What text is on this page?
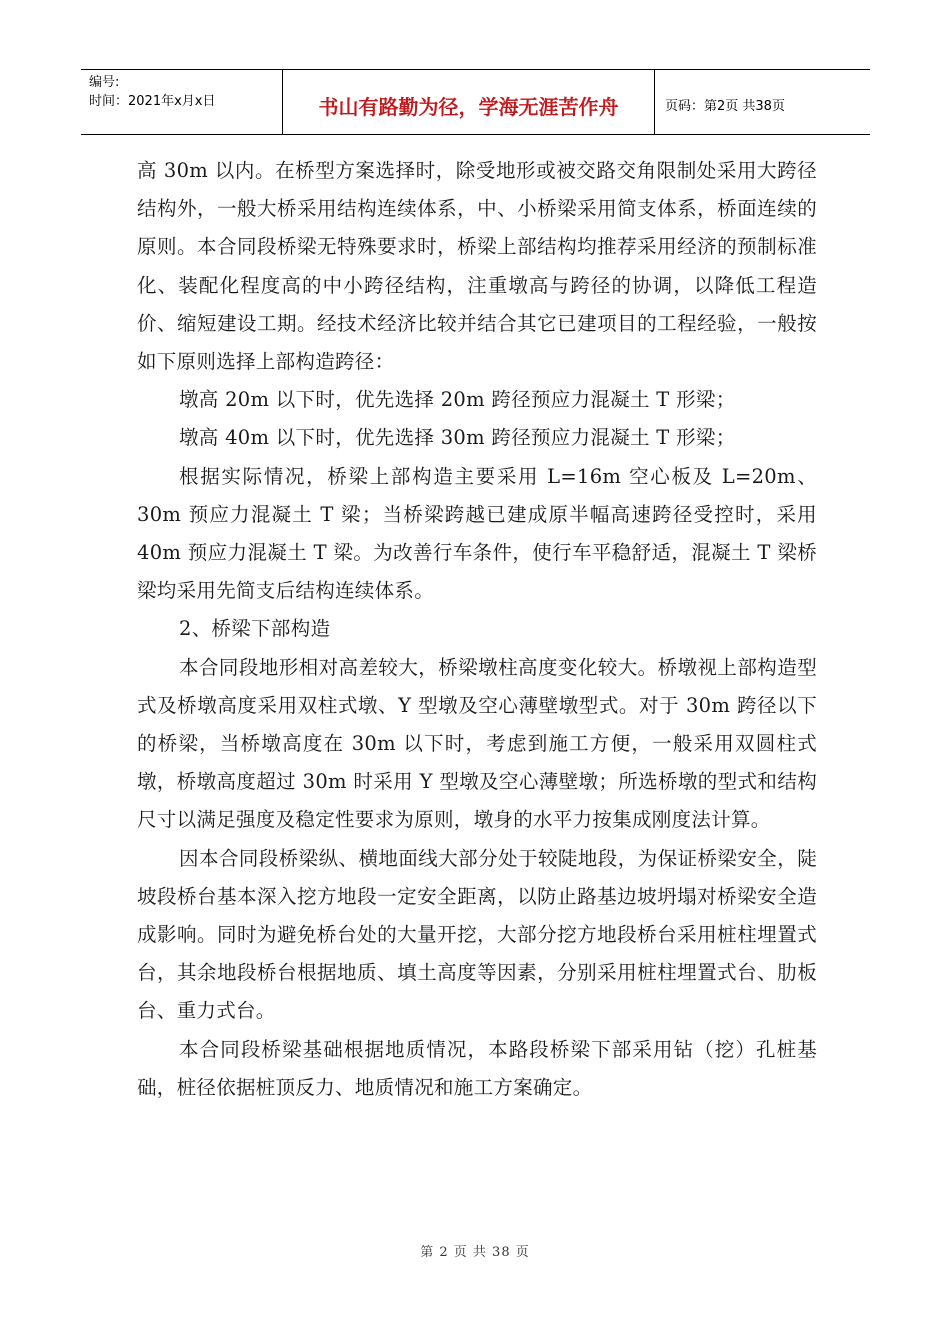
编号:
时间：2021年x月x日	书山有路勤为径，学海无涯苦作舟	页码：第2页 共38页

高 30m 以内。在桥型方案选择时，除受地形或被交路交角限制处采用大跨径结构外，一般大桥采用结构连续体系，中、小桥梁采用简支体系，桥面连续的原则。本合同段桥梁无特殊要求时，桥梁上部结构均推荐采用经济的预制标准化、装配化程度高的中小跨径结构，注重墩高与跨径的协调，以降低工程造价、缩短建设工期。经技术经济比较并结合其它已建项目的工程经验，一般按如下原则选择上部构造跨径：

墩高 20m 以下时，优先选择 20m 跨径预应力混凝土 T 形梁；

墩高 40m 以下时，优先选择 30m 跨径预应力混凝土 T 形梁；

根据实际情况，桥梁上部构造主要采用 L=16m 空心板及 L=20m、30m 预应力混凝土 T 梁；当桥梁跨越已建成原半幅高速跨径受控时，采用 40m 预应力混凝土 T 梁。为改善行车条件，使行车平稳舒适，混凝土 T 梁桥梁均采用先简支后结构连续体系。

2、桥梁下部构造

本合同段地形相对高差较大，桥梁墩柱高度变化较大。桥墩视上部构造型式及桥墩高度采用双柱式墩、Y 型墩及空心薄壁墩型式。对于 30m 跨径以下的桥梁，当桥墩高度在 30m 以下时，考虑到施工方便，一般采用双圆柱式墩，桥墩高度超过 30m 时采用 Y 型墩及空心薄壁墩；所选桥墩的型式和结构尺寸以满足强度及稳定性要求为原则，墩身的水平力按集成刚度法计算。

因本合同段桥梁纵、横地面线大部分处于较陡地段，为保证桥梁安全，陡坡段桥台基本深入挖方地段一定安全距离，以防止路基边坡坍塌对桥梁安全造成影响。同时为避免桥台处的大量开挖，大部分挖方地段桥台采用桩柱埋置式台，其余地段桥台根据地质、填土高度等因素，分别采用桩柱埋置式台、肋板台、重力式台。

本合同段桥梁基础根据地质情况，本路段桥梁下部采用钻（挖）孔桩基础，桩径依据桩顶反力、地质情况和施工方案确定。

第 2 页 共 38 页
